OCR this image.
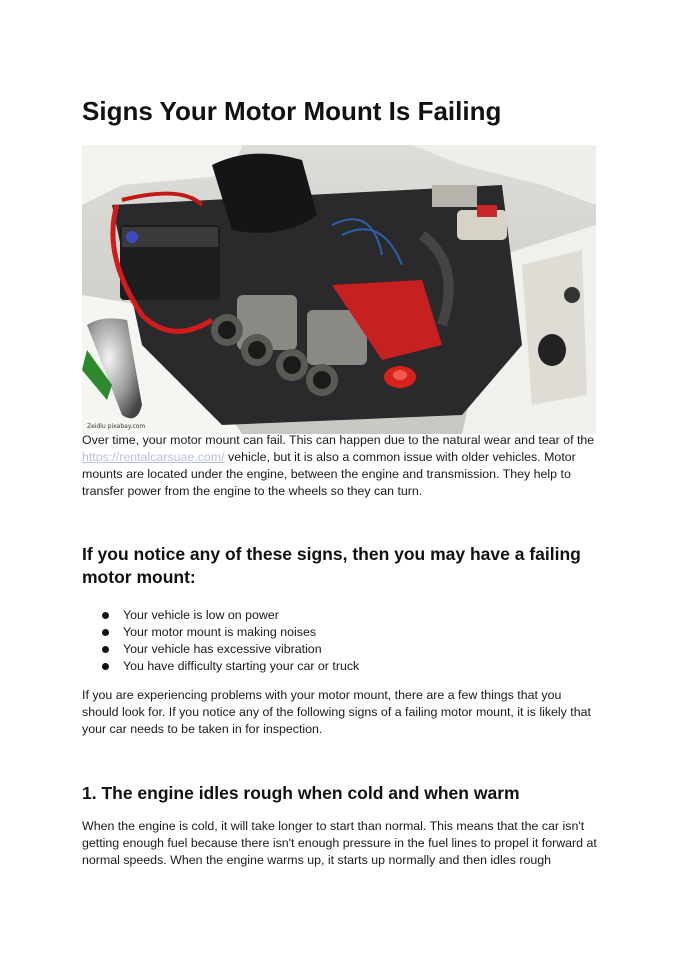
Signs Your Motor Mount Is Failing
Zeidlu pixabay.com

Over time, your motor mount can fail. This can happen due to the natural wear and tear of the https://rentalcarsuae.com/ vehicle, but it is also a common issue with older vehicles. Motor mounts are located under the engine, between the engine and transmission. They help to transfer power from the engine to the wheels so they can turn.

If you notice any of these signs, then you may have a failing motor mount:
Your vehicle is low on power
Your motor mount is making noises
Your vehicle has excessive vibration
You have difficulty starting your car or truck

If you are experiencing problems with your motor mount, there are a few things that you should look for. If you notice any of the following signs of a failing motor mount, it is likely that your car needs to be taken in for inspection.

1. The engine idles rough when cold and when warm

When the engine is cold, it will take longer to start than normal. This means that the car isn't getting enough fuel because there isn't enough pressure in the fuel lines to propel it forward at normal speeds. When the engine warms up, it starts up normally and then idles rough
